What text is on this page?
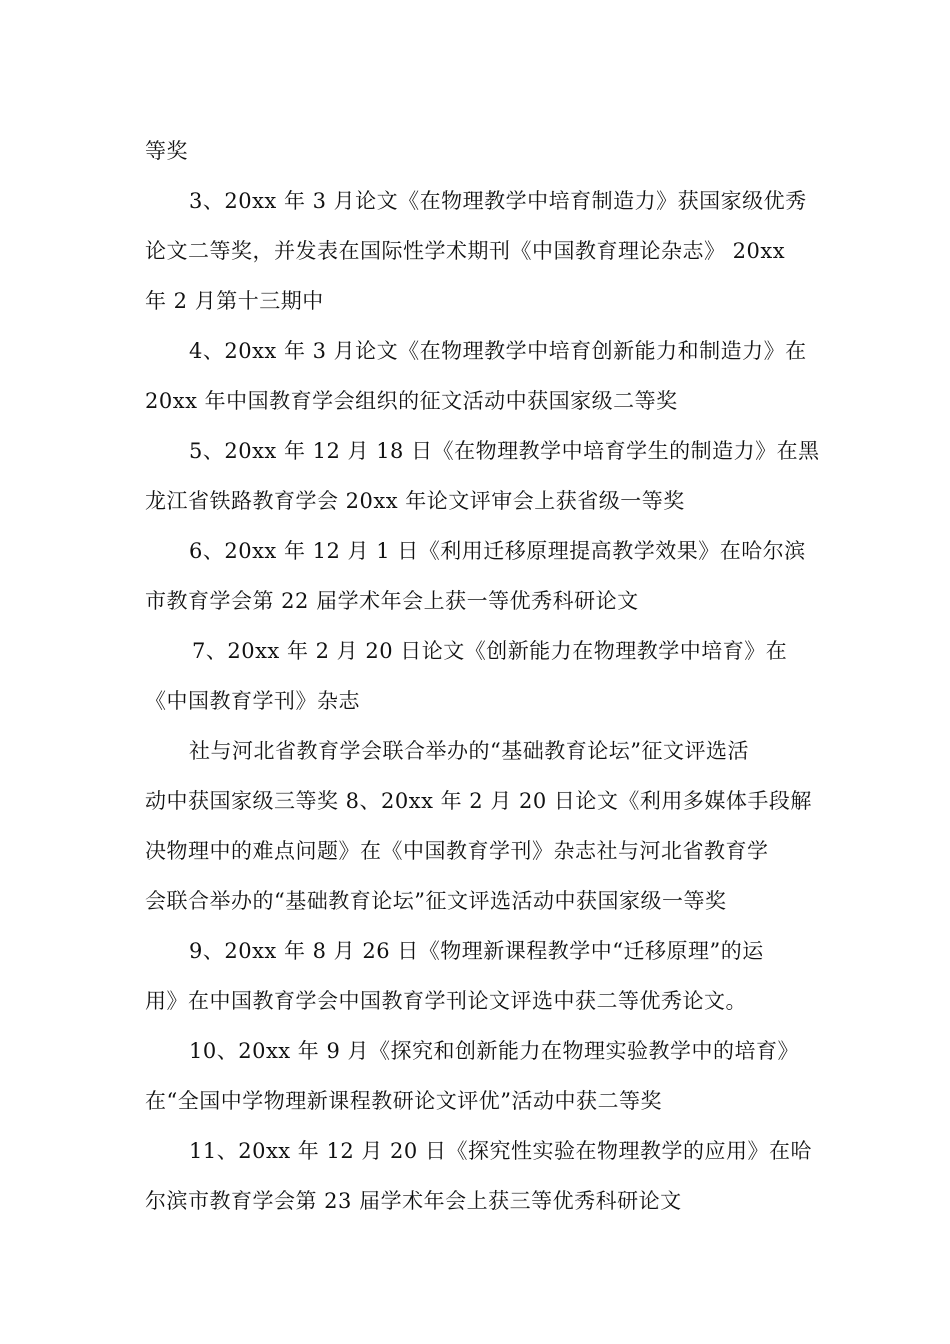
等奖
3、20xx 年 3 月论文《在物理教学中培育制造力》获国家级优秀
论文二等奖，并发表在国际性学术期刊《中国教育理论杂志》 20xx
年 2 月第十三期中
4、20xx 年 3 月论文《在物理教学中培育创新能力和制造力》在
20xx 年中国教育学会组织的征文活动中获国家级二等奖
5、20xx 年 12 月 18 日《在物理教学中培育学生的制造力》在黑
龙江省铁路教育学会 20xx 年论文评审会上获省级一等奖
6、20xx 年 12 月 1 日《利用迁移原理提高教学效果》在哈尔滨
市教育学会第 22 届学术年会上获一等优秀科研论文
7、20xx 年 2 月 20 日论文《创新能力在物理教学中培育》在
《中国教育学刊》杂志
社与河北省教育学会联合举办的“基础教育论坛”征文评选活
动中获国家级三等奖 8、20xx 年 2 月 20 日论文《利用多媒体手段解
决物理中的难点问题》在《中国教育学刊》杂志社与河北省教育学
会联合举办的“基础教育论坛”征文评选活动中获国家级一等奖
9、20xx 年 8 月 26 日《物理新课程教学中“迁移原理”的运
用》在中国教育学会中国教育学刊论文评选中获二等优秀论文。
10、20xx 年 9 月《探究和创新能力在物理实验教学中的培育》
在“全国中学物理新课程教研论文评优”活动中获二等奖
11、20xx 年 12 月 20 日《探究性实验在物理教学的应用》在哈
尔滨市教育学会第 23 届学术年会上获三等优秀科研论文
